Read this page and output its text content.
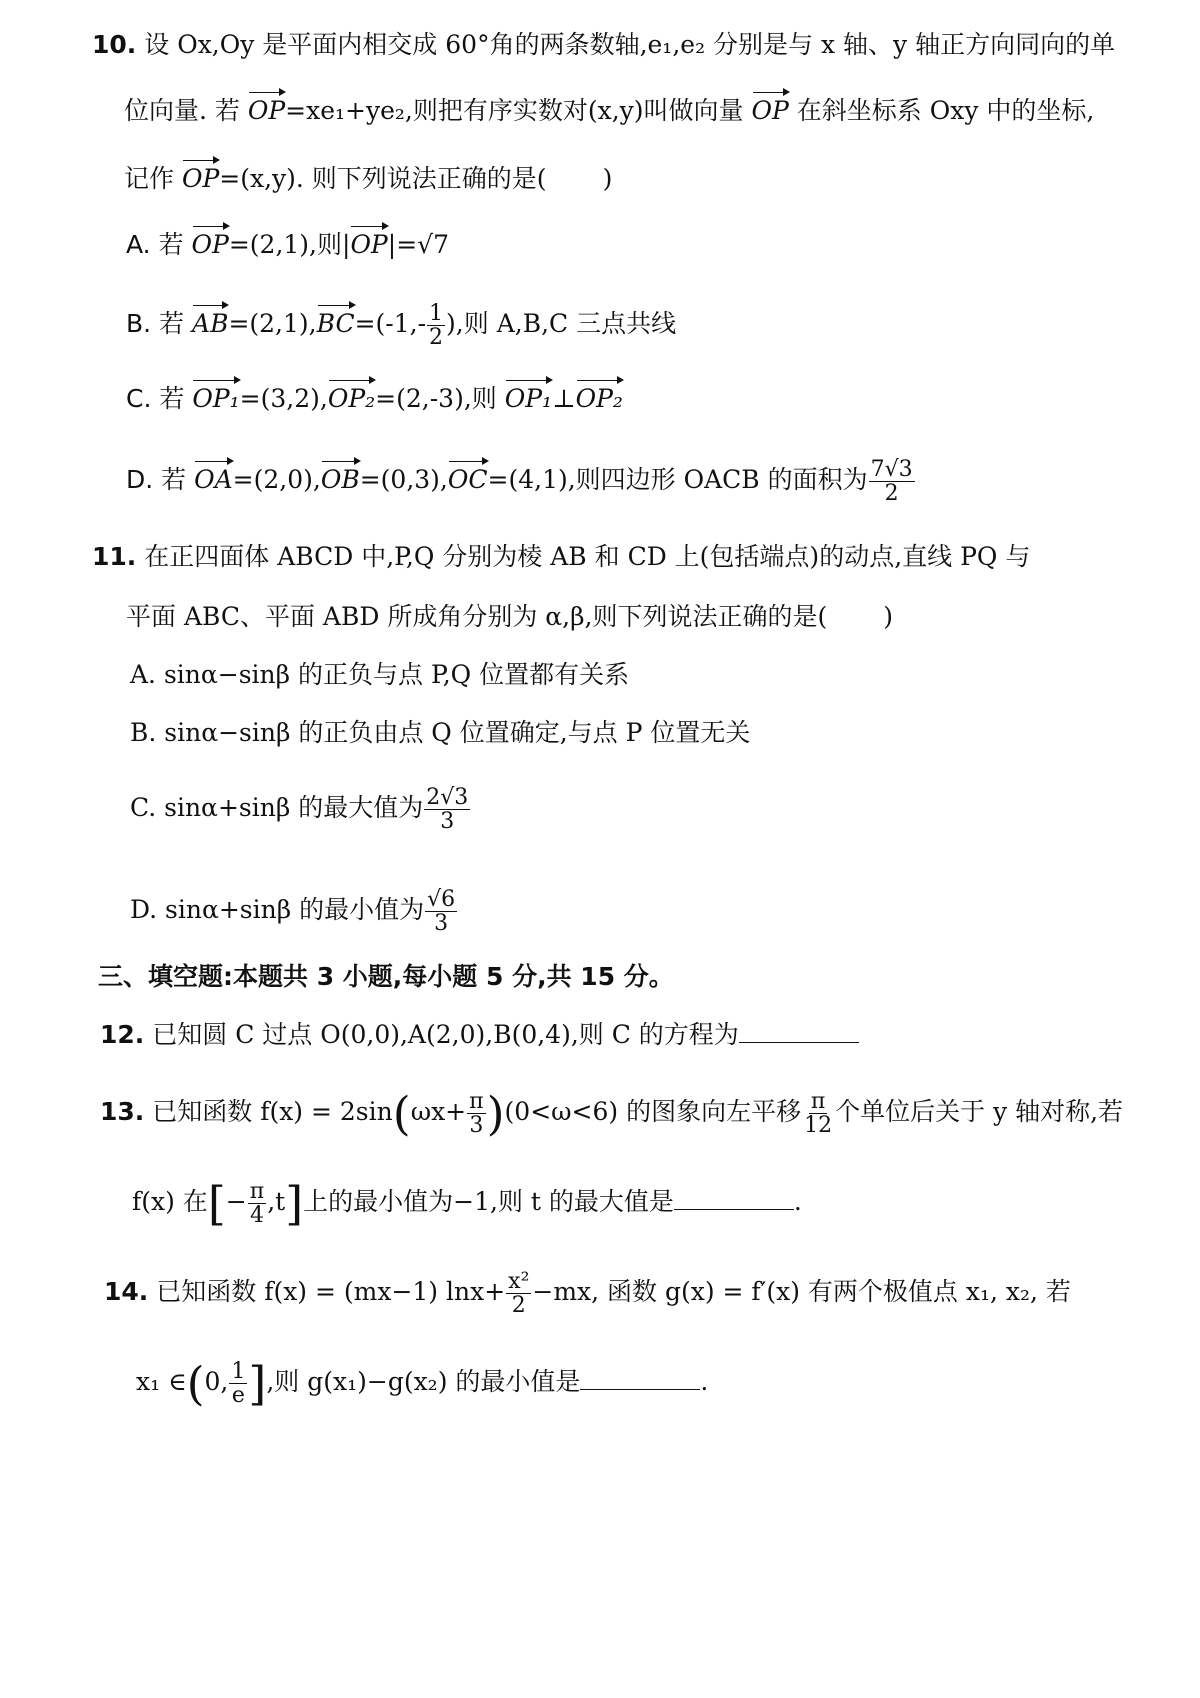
10. 设 Ox,Oy 是平面内相交成 60°角的两条数轴,e₁,e₂ 分别是与 x 轴、y 轴正方向同向的单
位向量. 若 OP=xe₁+ye₂,则把有序实数对(x,y)叫做向量 OP 在斜坐标系 Oxy 中的坐标,
记作 OP=(x,y). 则下列说法正确的是( )
A. 若 OP=(2,1),则|OP|=√7
B. 若 $AB=(2,1),BC=(-1,- \frac{1}{2}$ ),则 A,B,C 三点共线
C. 若 OP₁=(3,2),OP₂=(2,-3),则 OP₁⊥OP₂
D. 若 OA=(2,0),OB=(0,3),OC=(4,1),则四边形 OACB 的面积为 $\frac{7√3}{2}$
11. 在正四面体 ABCD 中,P,Q 分别为棱 AB 和 CD 上(包括端点)的动点,直线 PQ 与
平面 ABC、平面 ABD 所成角分别为 α,β,则下列说法正确的是( )
A. sinα−sinβ 的正负与点 P,Q 位置都有关系
B. sinα−sinβ 的正负由点 Q 位置确定,与点 P 位置无关
C. sinα+sinβ 的最大值为 $\frac{2√3}{3}$
D. sinα+sinβ 的最小值为 $\frac{√6}{3}$
三、填空题:本题共 3 小题,每小题 5 分,共 15 分。
12. 已知圆 C 过点 O(0,0),A(2,0),B(0,4),则 C 的方程为
13. 已知函数 $f(x) = 2\sin(\omega x+ \frac{\pi}{3} )(0<\omega<6)$ 的图象向左平移 $\frac{\pi}{12}$ 个单位后关于 y 轴对称,若
f(x) 在[− $\frac{\pi}{4} ,t$]上的最小值为−1,则 t 的最大值是	.
14. 已知函数 f(x) = (mx−1) $\ln x+ \frac{\text{x²}}{2} -mx$, 函数 g(x) = f′(x) 有两个极值点 x₁, x₂, 若
x₁ ∈(0, $\frac{1}{e}$ ],则 g(x₁)−g(x₂) 的最小值是	.
